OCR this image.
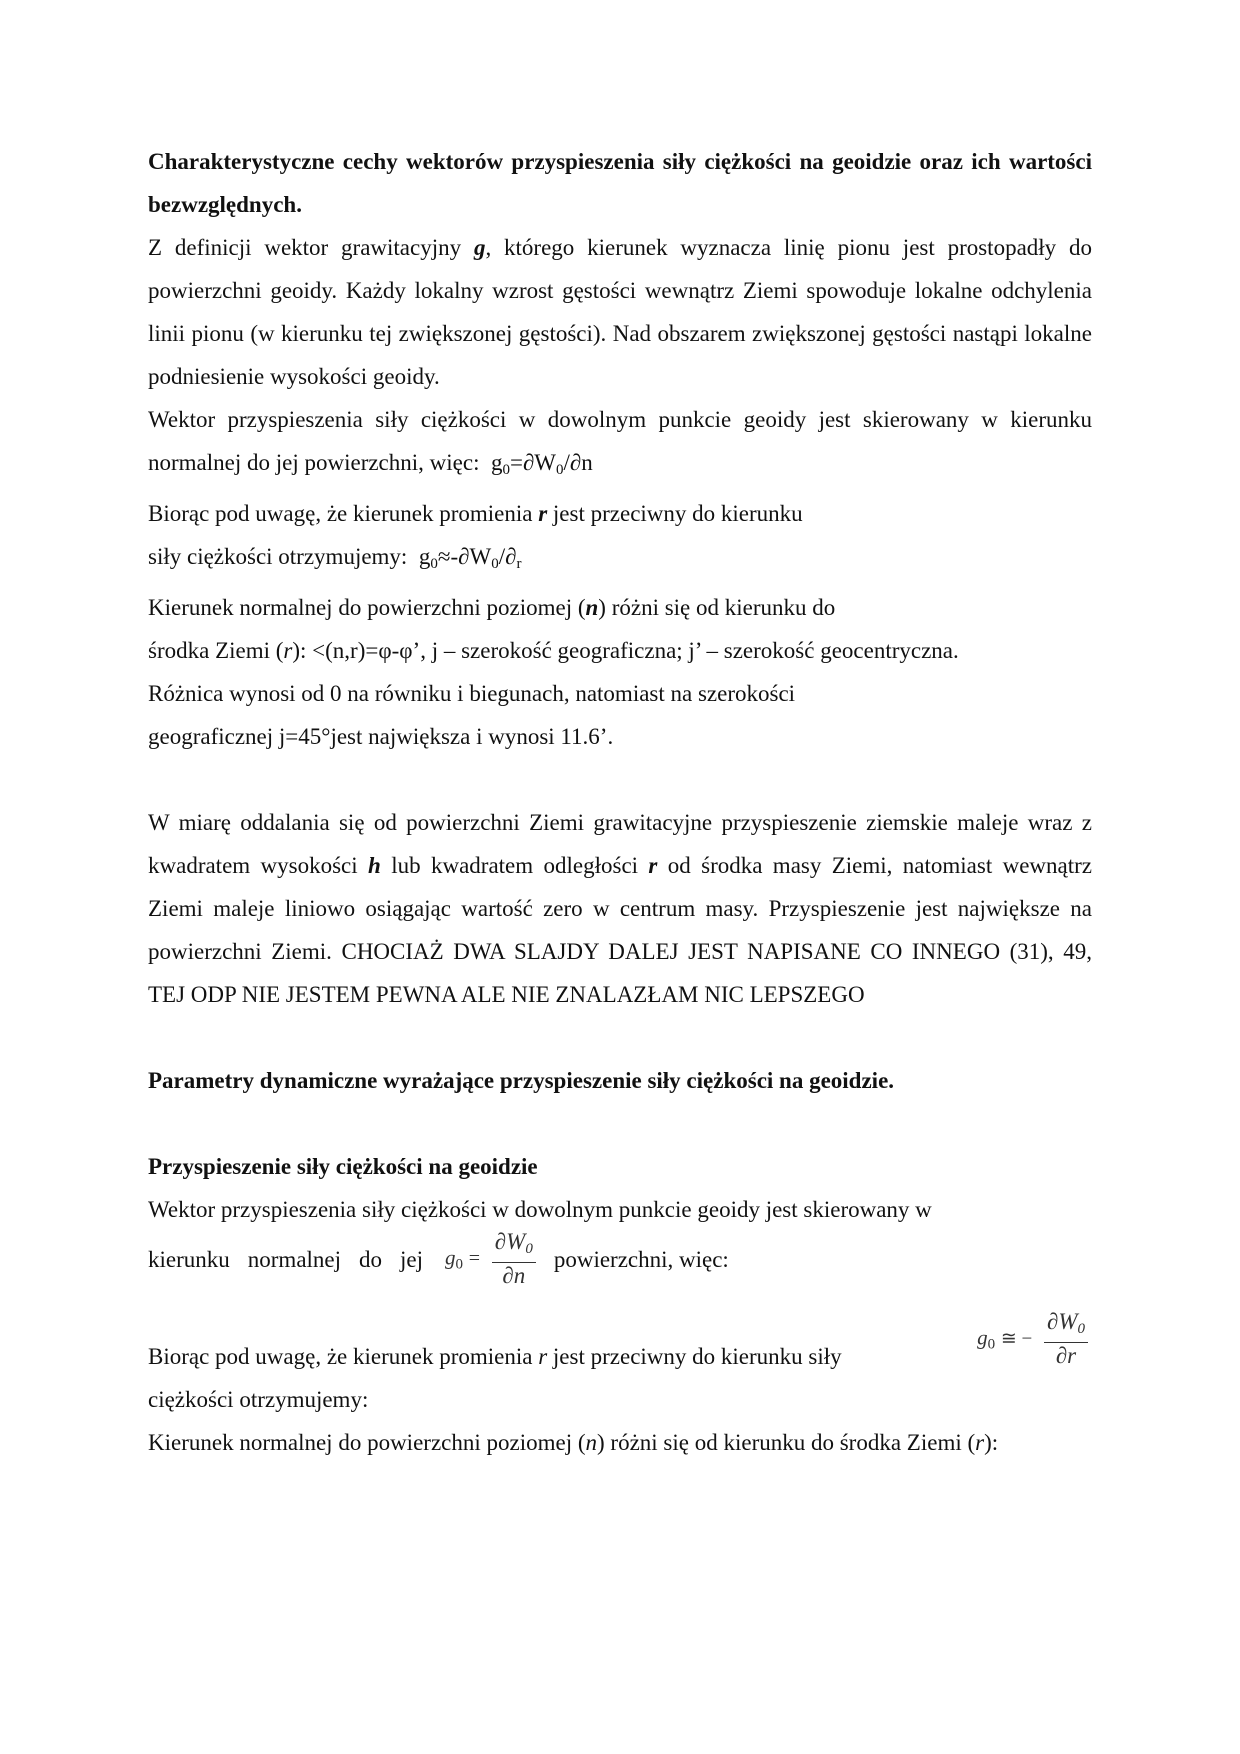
Charakterystyczne cechy wektorów przyspieszenia siły ciężkości na geoidzie oraz ich wartości bezwzględnych.

Z definicji wektor grawitacyjny g, którego kierunek wyznacza linię pionu jest prostopadły do powierzchni geoidy. Każdy lokalny wzrost gęstości wewnątrz Ziemi spowoduje lokalne odchylenia linii pionu (w kierunku tej zwiększonej gęstości). Nad obszarem zwiększonej gęstości nastąpi lokalne podniesienie wysokości geoidy.

Wektor przyspieszenia siły ciężkości w dowolnym punkcie geoidy jest skierowany w kierunku normalnej do jej powierzchni, więc: $g_0=\partial W_0/\partial n$

Biorąc pod uwagę, że kierunek promienia r jest przeciwny do kierunku

siły ciężkości otrzymujemy: $g_0\approx-\partial W_0/\partial_r$

Kierunek normalnej do powierzchni poziomej (n) różni się od kierunku do

środka Ziemi (r): <(n,r)=φ-φ’, j – szerokość geograficzna; j’ – szerokość geocentryczna.

Różnica wynosi od 0 na równiku i biegunach, natomiast na szerokości

geograficznej j=45°jest największa i wynosi 11.6’.

W miarę oddalania się od powierzchni Ziemi grawitacyjne przyspieszenie ziemskie maleje wraz z kwadratem wysokości h lub kwadratem odległości r od środka masy Ziemi, natomiast wewnątrz Ziemi maleje liniowo osiągając wartość zero w centrum masy. Przyspieszenie jest największe na powierzchni Ziemi. CHOCIAŻ DWA SLAJDY DALEJ JEST NAPISANE CO INNEGO (31), 49, TEJ ODP NIE JESTEM PEWNA ALE NIE ZNALAZŁAM NIC LEPSZEGO

Parametry dynamiczne wyrażające przyspieszenie siły ciężkości na geoidzie.

Przyspieszenie siły ciężkości na geoidzie

Wektor przyspieszenia siły ciężkości w dowolnym punkcie geoidy jest skierowany w

kierunku normalnej do jej $g_0 = \frac{\partial W_0}{\partial n}$ powierzchni, więc:
$g_0$ ≅ − $\frac{\partial W_0}{\partial r}$

Biorąc pod uwagę, że kierunek promienia r jest przeciwny do kierunku siły

ciężkości otrzymujemy:

Kierunek normalnej do powierzchni poziomej (n) różni się od kierunku do środka Ziemi (r):
